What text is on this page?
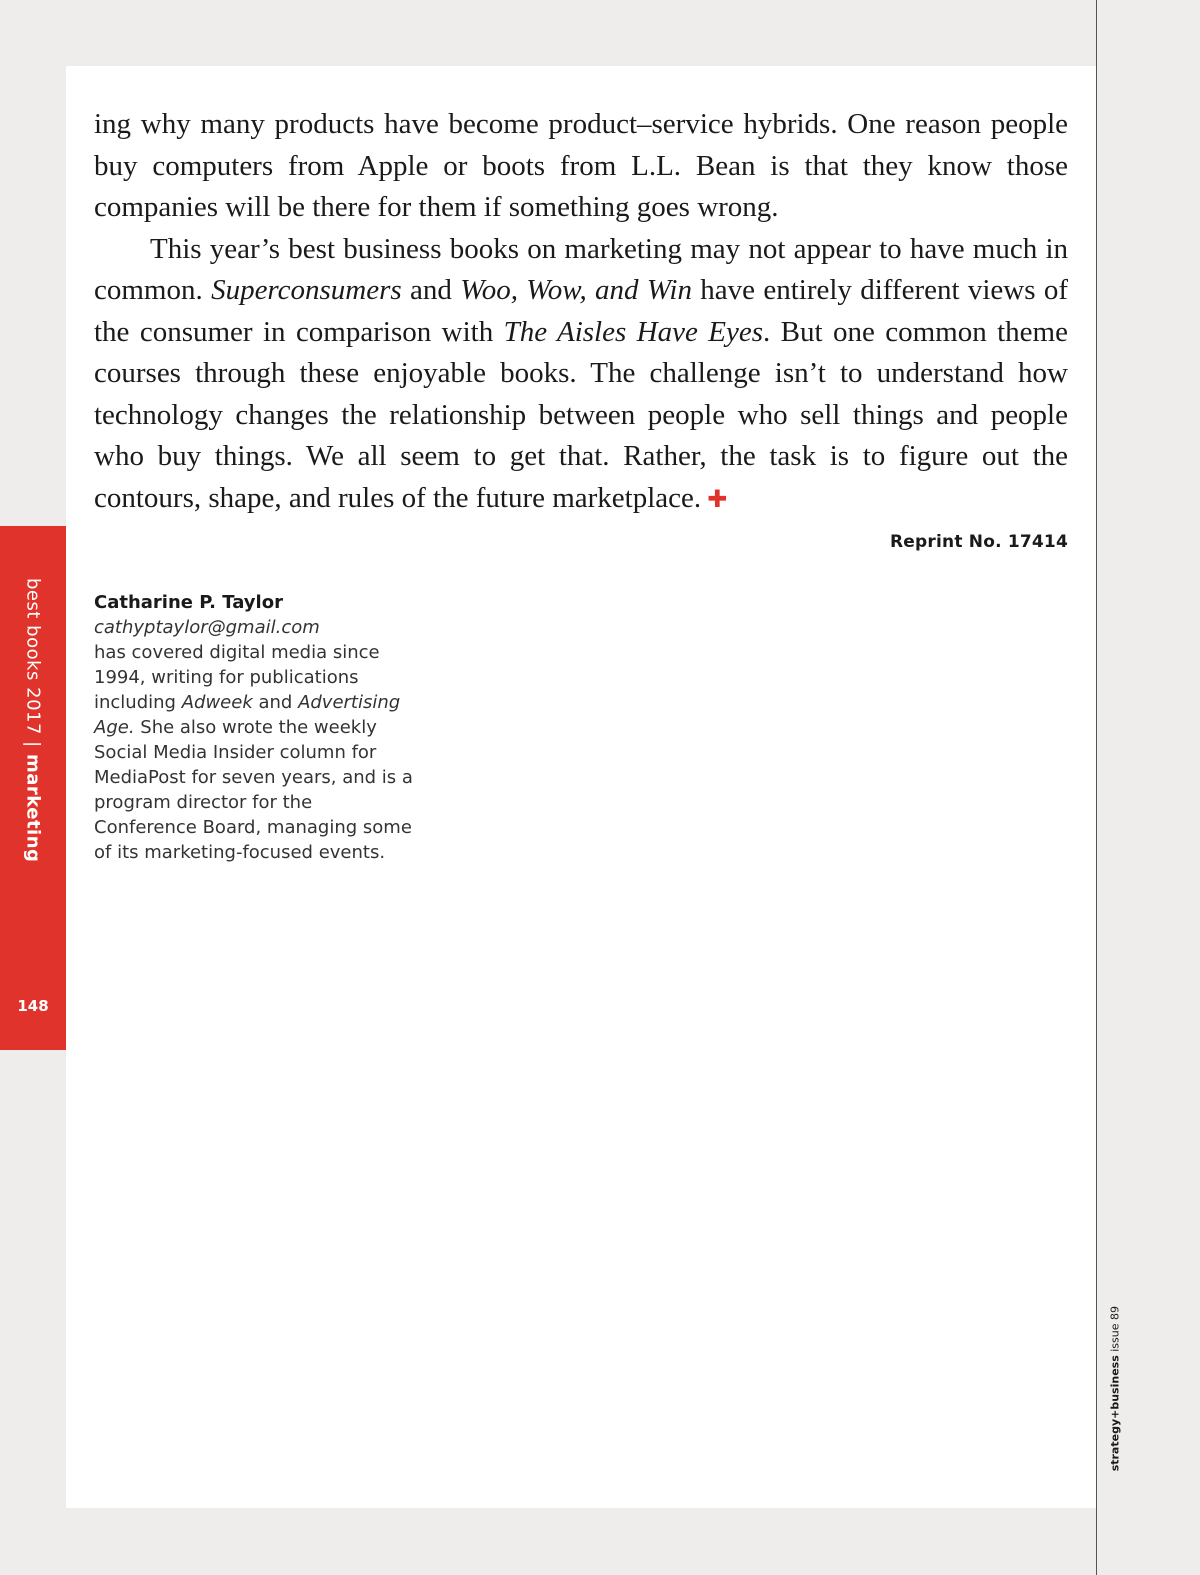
ing why many products have become product–service hybrids. One reason people buy computers from Apple or boots from L.L. Bean is that they know those companies will be there for them if something goes wrong.

This year’s best business books on marketing may not appear to have much in common. Superconsumers and Woo, Wow, and Win have entirely different views of the consumer in comparison with The Aisles Have Eyes. But one common theme courses through these enjoyable books. The challenge isn’t to understand how technology changes the relationship between people who sell things and people who buy things. We all seem to get that. Rather, the task is to figure out the contours, shape, and rules of the future marketplace. ✚

Reprint No. 17414

Catharine P. Taylor

cathyptaylor@gmail.com

has covered digital media since 1994, writing for publications including Adweek and Advertising Age. She also wrote the weekly Social Media Insider column for MediaPost for seven years, and is a program director for the Conference Board, managing some of its marketing-focused events.

best books 2017 | marketing
148
strategy+business issue 89
